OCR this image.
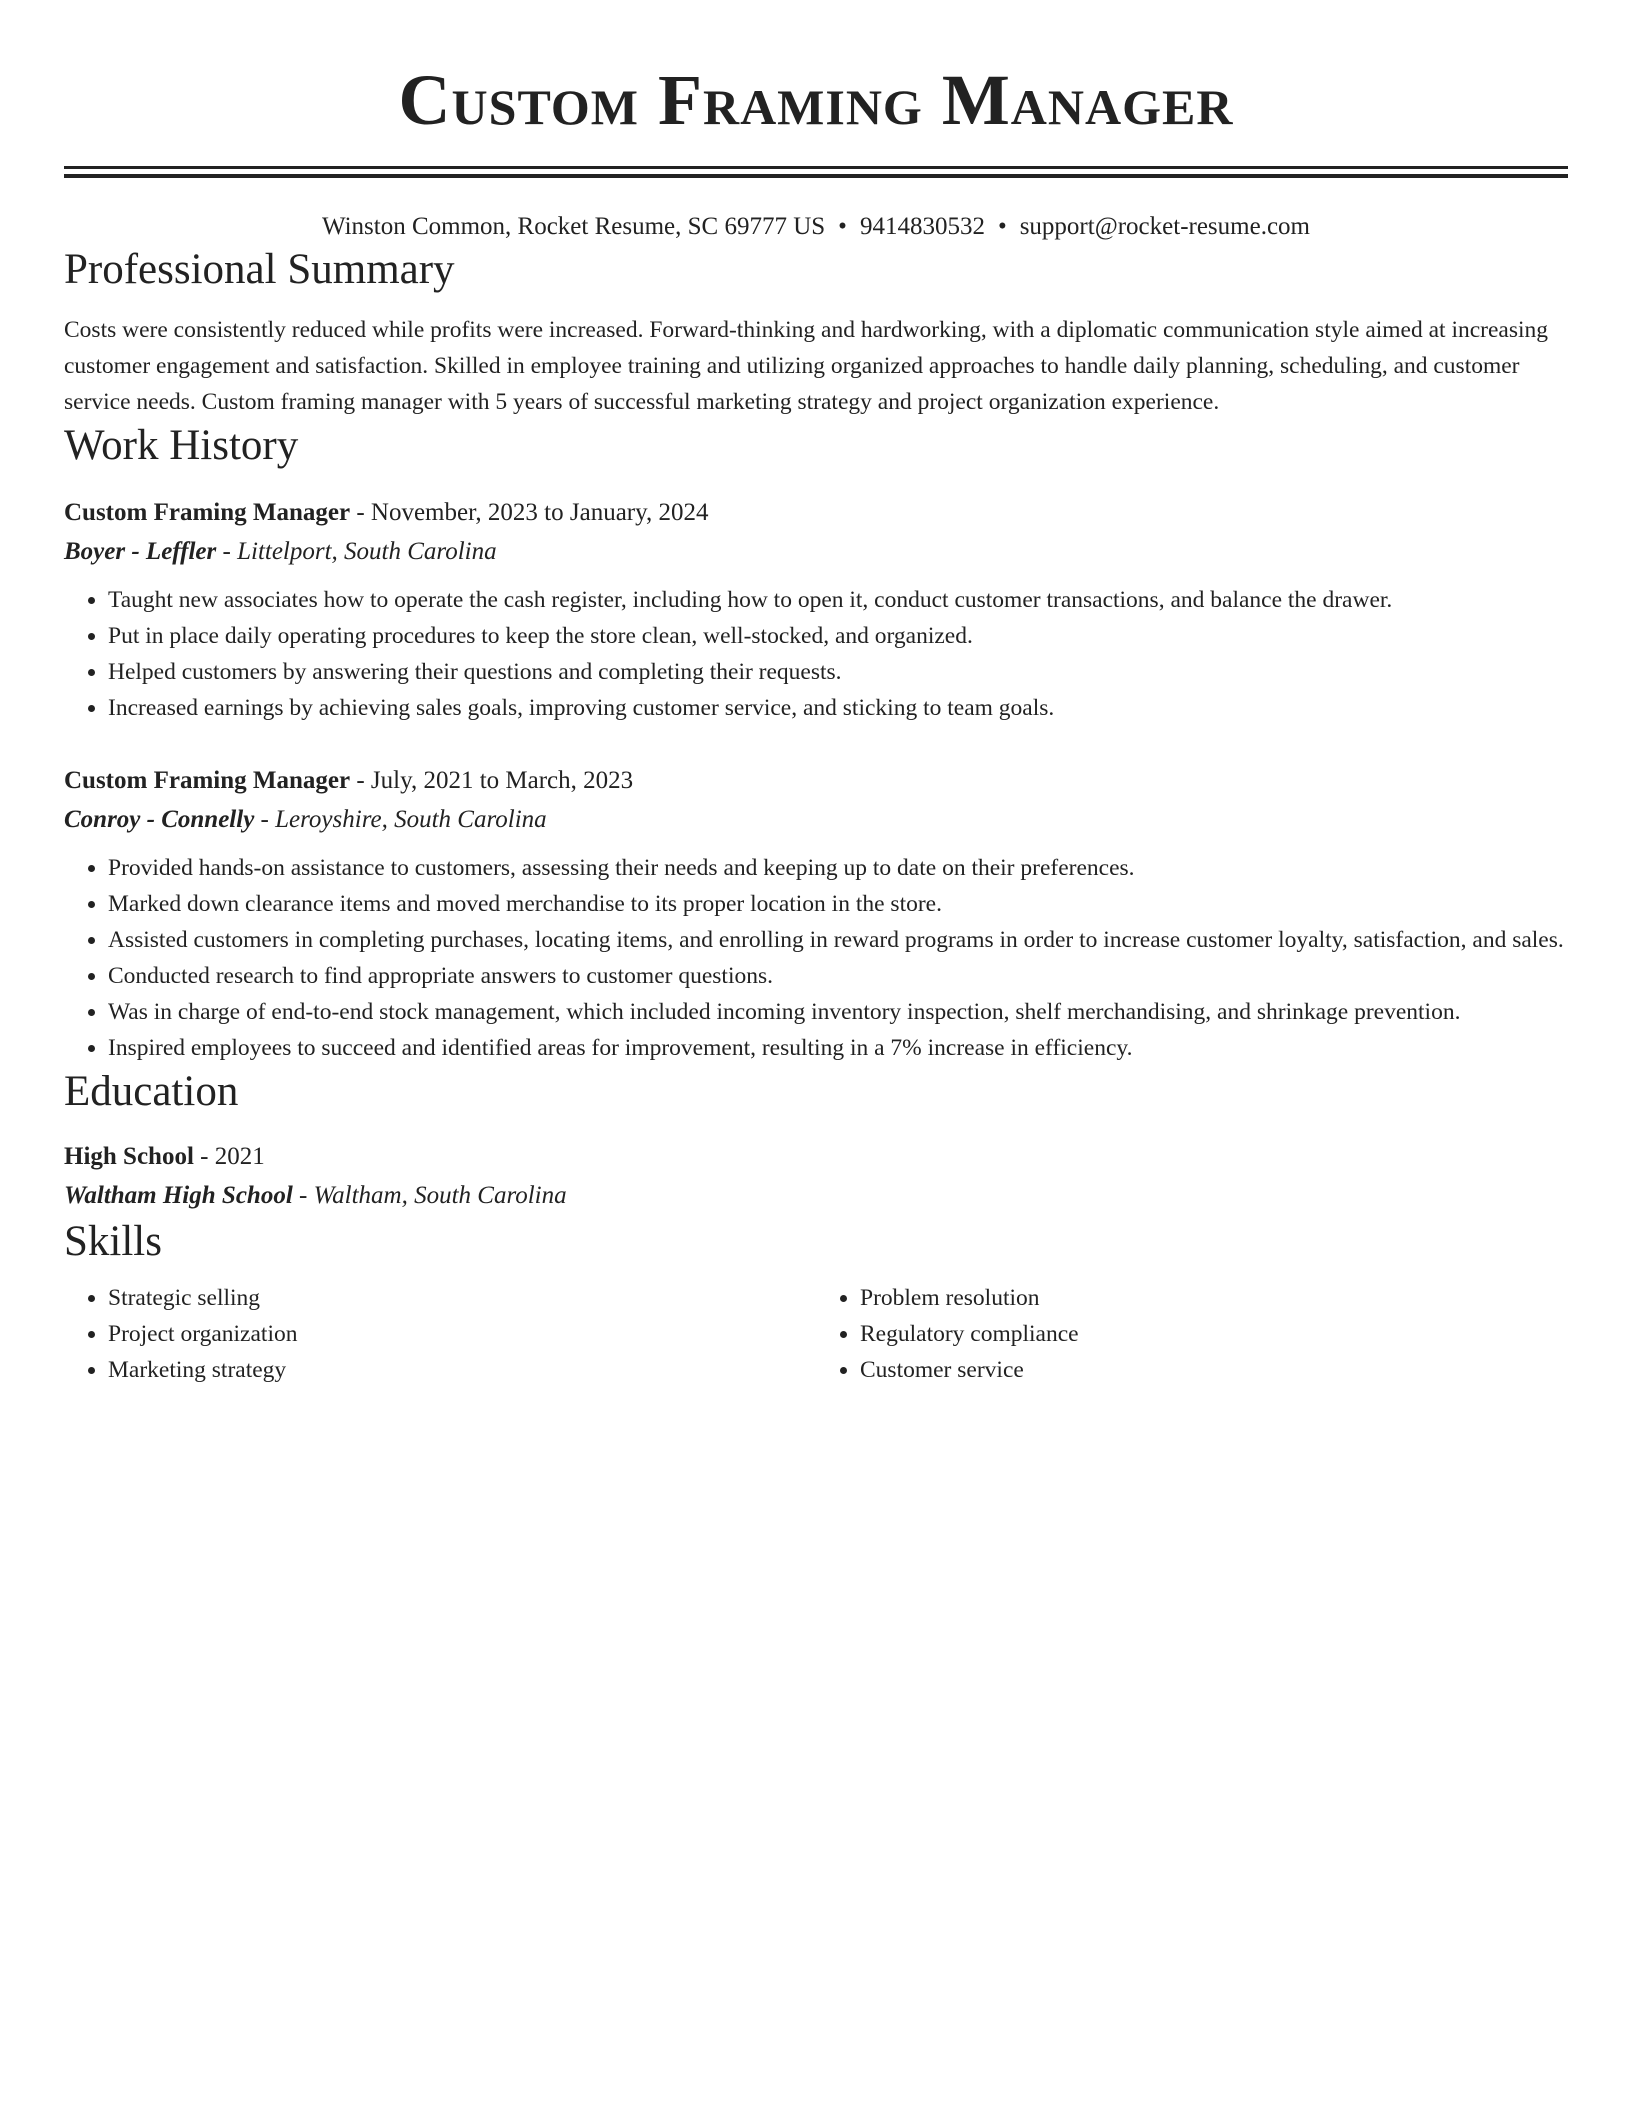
Custom Framing Manager
Winston Common, Rocket Resume, SC 69777 US • 9414830532 • support@rocket-resume.com
Professional Summary
Costs were consistently reduced while profits were increased. Forward-thinking and hardworking, with a diplomatic communication style aimed at increasing customer engagement and satisfaction. Skilled in employee training and utilizing organized approaches to handle daily planning, scheduling, and customer service needs. Custom framing manager with 5 years of successful marketing strategy and project organization experience.
Work History
Custom Framing Manager - November, 2023 to January, 2024
Boyer - Leffler - Littelport, South Carolina
• Taught new associates how to operate the cash register, including how to open it, conduct customer transactions, and balance the drawer.
• Put in place daily operating procedures to keep the store clean, well-stocked, and organized.
• Helped customers by answering their questions and completing their requests.
• Increased earnings by achieving sales goals, improving customer service, and sticking to team goals.
Custom Framing Manager - July, 2021 to March, 2023
Conroy - Connelly - Leroyshire, South Carolina
• Provided hands-on assistance to customers, assessing their needs and keeping up to date on their preferences.
• Marked down clearance items and moved merchandise to its proper location in the store.
• Assisted customers in completing purchases, locating items, and enrolling in reward programs in order to increase customer loyalty, satisfaction, and sales.
• Conducted research to find appropriate answers to customer questions.
• Was in charge of end-to-end stock management, which included incoming inventory inspection, shelf merchandising, and shrinkage prevention.
• Inspired employees to succeed and identified areas for improvement, resulting in a 7% increase in efficiency.
Education
High School - 2021
Waltham High School - Waltham, South Carolina
Skills
• Strategic selling
• Project organization
• Marketing strategy
• Problem resolution
• Regulatory compliance
• Customer service
